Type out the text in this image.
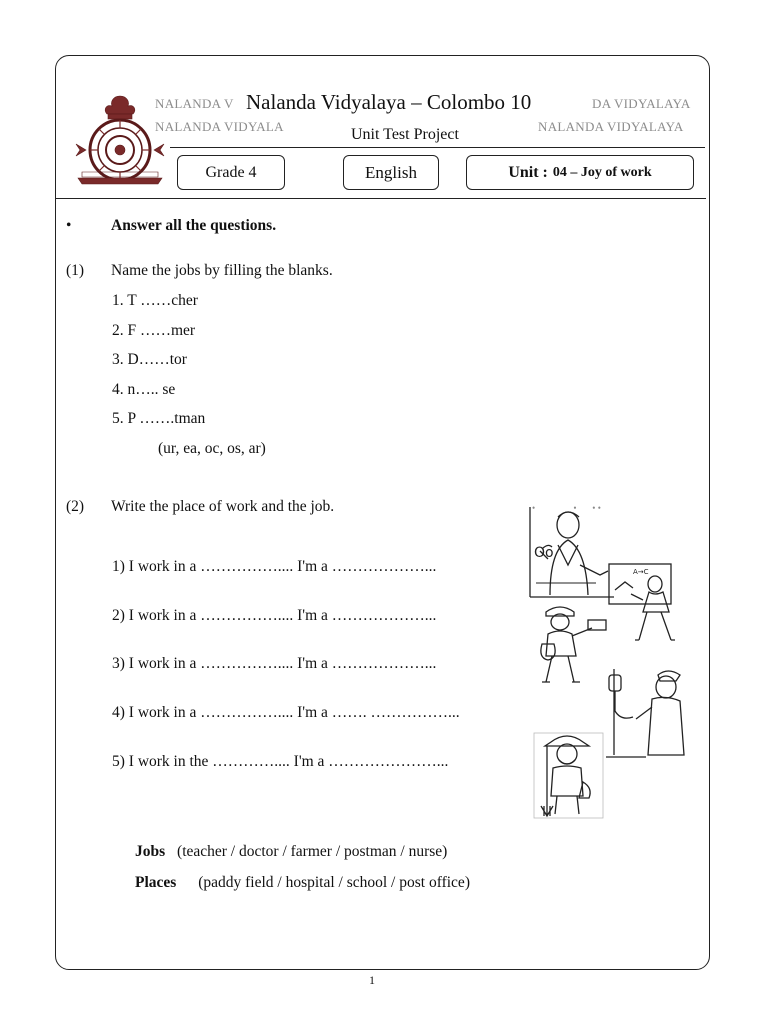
NALANDA V	DA VIDYALAYA
NALANDA VIDYALA	NALANDA VIDYALAYA
Nalanda Vidyalaya – Colombo 10
Unit Test Project
Grade 4	English	Unit : 04 – Joy of work
•	Answer all the questions.
(1) Name the jobs by filling the blanks.
1. T ……cher
2. F ……mer
3. D……tor
4. n….. se
5. P …….tman
(ur, ea, oc, os, ar)
(2) Write the place of work and the job.
1) I work in a …………….... I'm a ………………...
2) I work in a …………….... I'm a ………………...
3) I work in a …………….... I'm a ………………...
4) I work in a …………….... I'm a ……. ……………...
5) I work in the ………….... I'm a …………………...
Jobs (teacher / doctor / farmer / postman / nurse)
Places (paddy field / hospital / school / post office)
Oo
•                 •       • •
A→C
1
